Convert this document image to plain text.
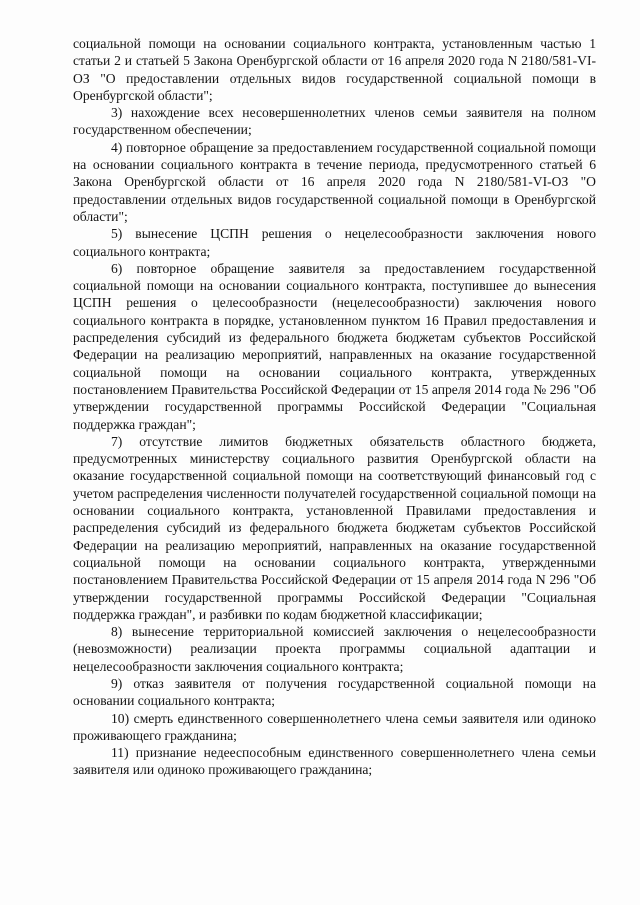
социальной помощи на основании социального контракта, установленным частью 1 статьи 2 и статьей 5 Закона Оренбургской области от 16 апреля 2020 года N 2180/581-VI-ОЗ "О предоставлении отдельных видов государственной социальной помощи в Оренбургской области";

3) нахождение всех несовершеннолетних членов семьи заявителя на полном государственном обеспечении;

4) повторное обращение за предоставлением государственной социальной помощи на основании социального контракта в течение периода, предусмотренного статьей 6 Закона Оренбургской области от 16 апреля 2020 года N 2180/581-VI-ОЗ "О предоставлении отдельных видов государственной социальной помощи в Оренбургской области";

5) вынесение ЦСПН решения о нецелесообразности заключения нового социального контракта;

6) повторное обращение заявителя за предоставлением государственной социальной помощи на основании социального контракта, поступившее до вынесения ЦСПН решения о целесообразности (нецелесообразности) заключения нового социального контракта в порядке, установленном пунктом 16 Правил предоставления и распределения субсидий из федерального бюджета бюджетам субъектов Российской Федерации на реализацию мероприятий, направленных на оказание государственной социальной помощи на основании социального контракта, утвержденных постановлением Правительства Российской Федерации от 15 апреля 2014 года № 296 "Об утверждении государственной программы Российской Федерации "Социальная поддержка граждан";

7) отсутствие лимитов бюджетных обязательств областного бюджета, предусмотренных министерству социального развития Оренбургской области на оказание государственной социальной помощи на соответствующий финансовый год с учетом распределения численности получателей государственной социальной помощи на основании социального контракта, установленной Правилами предоставления и распределения субсидий из федерального бюджета бюджетам субъектов Российской Федерации на реализацию мероприятий, направленных на оказание государственной социальной помощи на основании социального контракта, утвержденными постановлением Правительства Российской Федерации от 15 апреля 2014 года N 296 "Об утверждении государственной программы Российской Федерации "Социальная поддержка граждан", и разбивки по кодам бюджетной классификации;

8) вынесение территориальной комиссией заключения о нецелесообразности (невозможности) реализации проекта программы социальной адаптации и нецелесообразности заключения социального контракта;

9) отказ заявителя от получения государственной социальной помощи на основании социального контракта;

10) смерть единственного совершеннолетнего члена семьи заявителя или одиноко проживающего гражданина;

11) признание недееспособным единственного совершеннолетнего члена семьи заявителя или одиноко проживающего гражданина;
